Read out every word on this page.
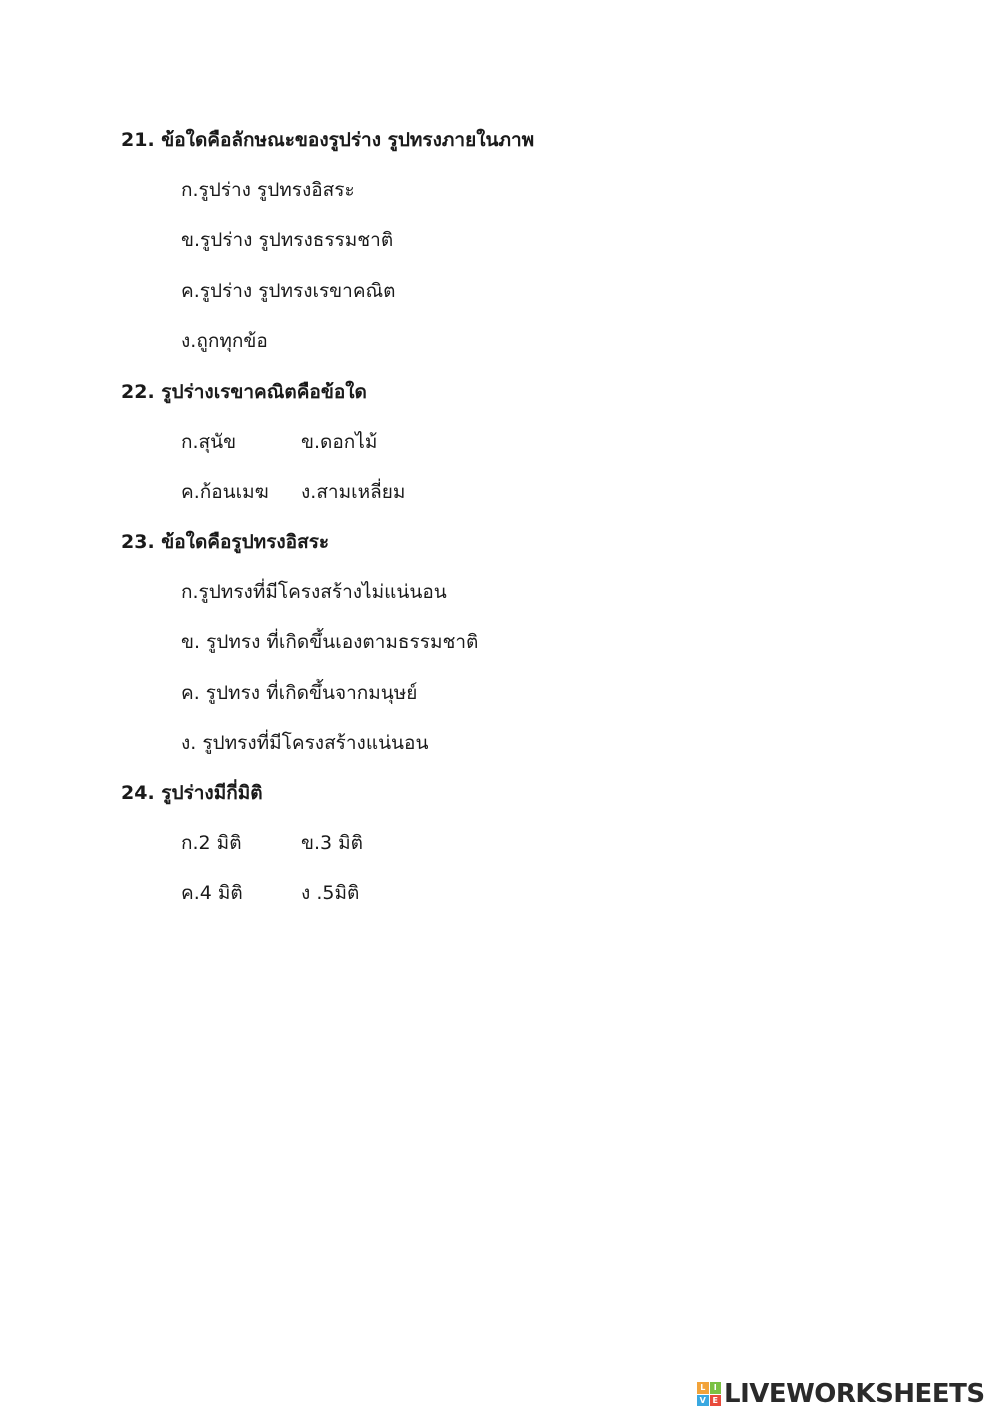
21. ข้อใดคือลักษณะของรูปร่าง รูปทรงภายในภาพ
ก.รูปร่าง รูปทรงอิสระ
ข.รูปร่าง รูปทรงธรรมชาติ
ค.รูปร่าง รูปทรงเรขาคณิต
ง.ถูกทุกข้อ
22. รูปร่างเรขาคณิตคือข้อใด
ก.สุนัข	ข.ดอกไม้
ค.ก้อนเมฆ ง.สามเหลี่ยม
23. ข้อใดคือรูปทรงอิสระ
ก.รูปทรงที่มีโครงสร้างไม่แน่นอน
ข. รูปทรง ที่เกิดขึ้นเองตามธรรมชาติ
ค. รูปทรง ที่เกิดขึ้นจากมนุษย์
ง. รูปทรงที่มีโครงสร้างแน่นอน
24. รูปร่างมีกี่มิติ
ก.2 มิติ	ข.3 มิติ
ค.4 มิติ	ง .5มิติ
L	I
V E LIVEWORKSHEETS
